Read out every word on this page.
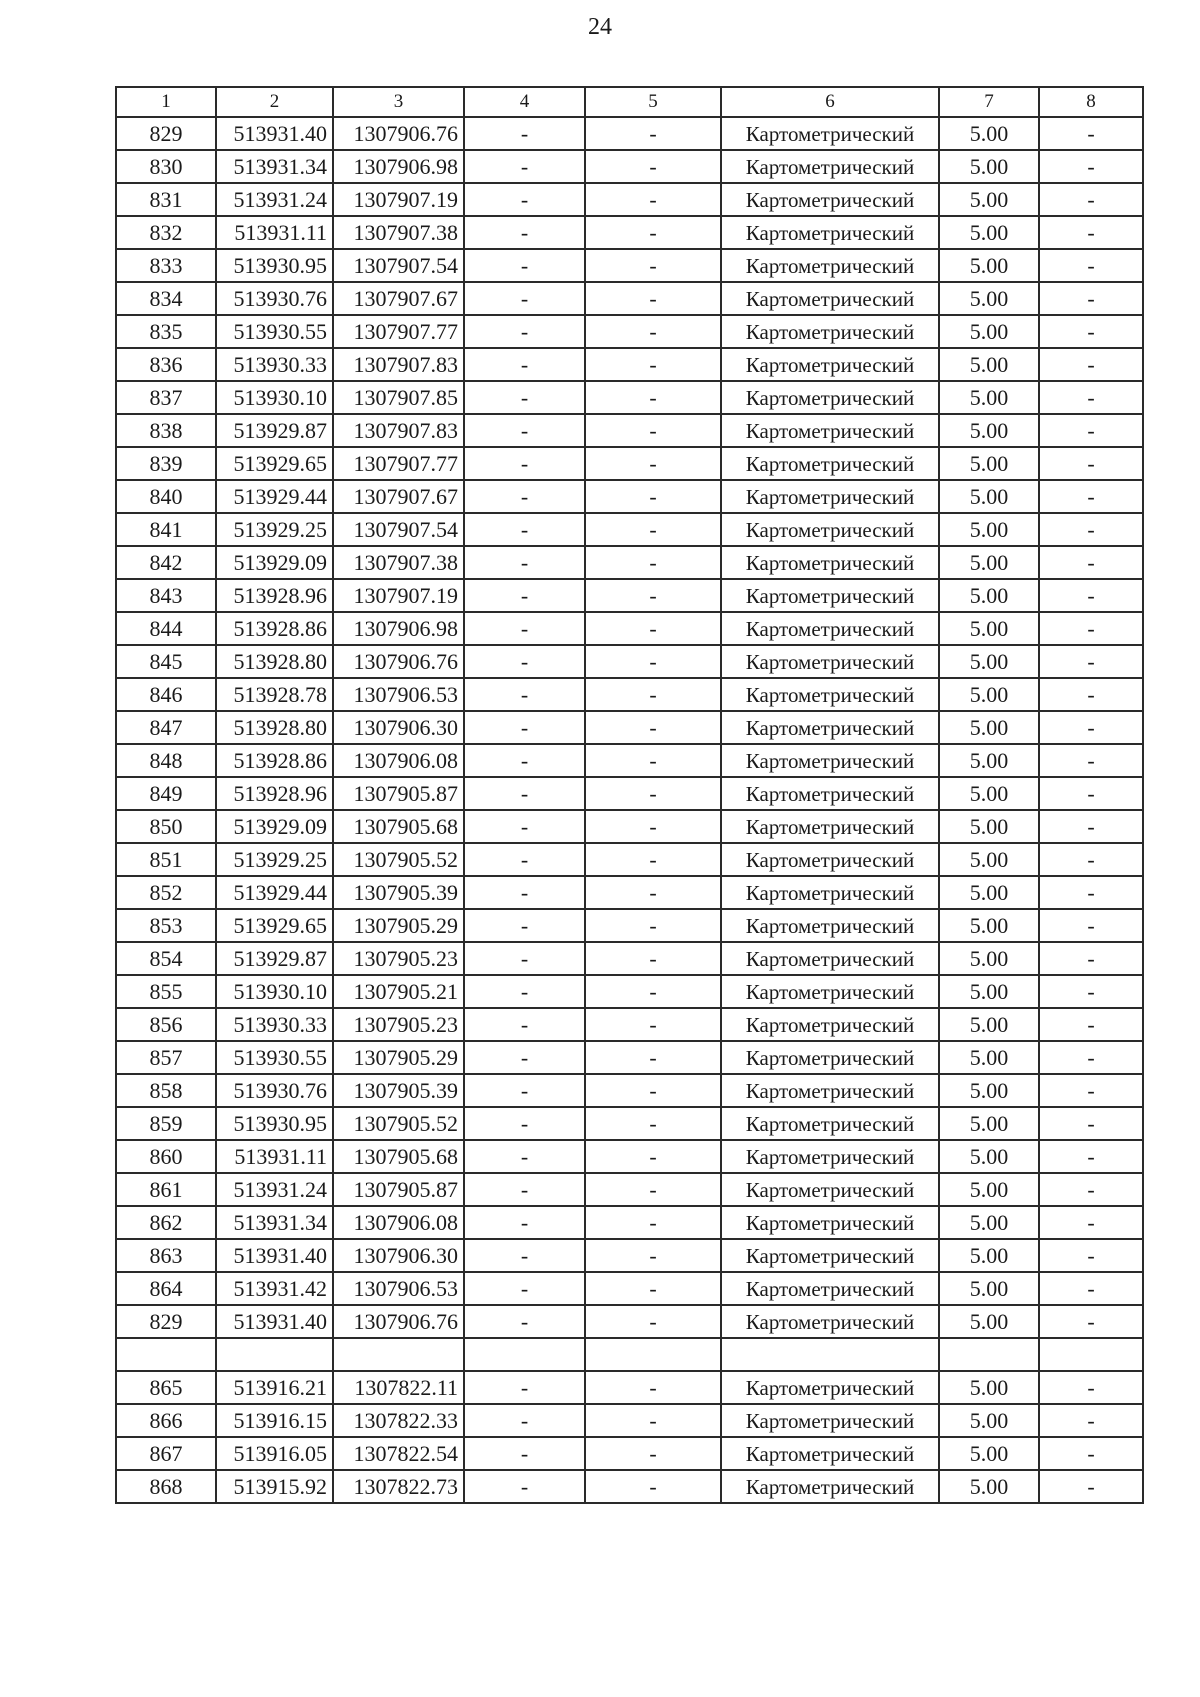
24
1	2	3	4	5	6	7	8
829	513931.40	1307906.76	-	-	Картометрический	5.00	-
830	513931.34	1307906.98	-	-	Картометрический	5.00	-
831	513931.24	1307907.19	-	-	Картометрический	5.00	-
832	513931.11	1307907.38	-	-	Картометрический	5.00	-
833	513930.95	1307907.54	-	-	Картометрический	5.00	-
834	513930.76	1307907.67	-	-	Картометрический	5.00	-
835	513930.55	1307907.77	-	-	Картометрический	5.00	-
836	513930.33	1307907.83	-	-	Картометрический	5.00	-
837	513930.10	1307907.85	-	-	Картометрический	5.00	-
838	513929.87	1307907.83	-	-	Картометрический	5.00	-
839	513929.65	1307907.77	-	-	Картометрический	5.00	-
840	513929.44	1307907.67	-	-	Картометрический	5.00	-
841	513929.25	1307907.54	-	-	Картометрический	5.00	-
842	513929.09	1307907.38	-	-	Картометрический	5.00	-
843	513928.96	1307907.19	-	-	Картометрический	5.00	-
844	513928.86	1307906.98	-	-	Картометрический	5.00	-
845	513928.80	1307906.76	-	-	Картометрический	5.00	-
846	513928.78	1307906.53	-	-	Картометрический	5.00	-
847	513928.80	1307906.30	-	-	Картометрический	5.00	-
848	513928.86	1307906.08	-	-	Картометрический	5.00	-
849	513928.96	1307905.87	-	-	Картометрический	5.00	-
850	513929.09	1307905.68	-	-	Картометрический	5.00	-
851	513929.25	1307905.52	-	-	Картометрический	5.00	-
852	513929.44	1307905.39	-	-	Картометрический	5.00	-
853	513929.65	1307905.29	-	-	Картометрический	5.00	-
854	513929.87	1307905.23	-	-	Картометрический	5.00	-
855	513930.10	1307905.21	-	-	Картометрический	5.00	-
856	513930.33	1307905.23	-	-	Картометрический	5.00	-
857	513930.55	1307905.29	-	-	Картометрический	5.00	-
858	513930.76	1307905.39	-	-	Картометрический	5.00	-
859	513930.95	1307905.52	-	-	Картометрический	5.00	-
860	513931.11	1307905.68	-	-	Картометрический	5.00	-
861	513931.24	1307905.87	-	-	Картометрический	5.00	-
862	513931.34	1307906.08	-	-	Картометрический	5.00	-
863	513931.40	1307906.30	-	-	Картометрический	5.00	-
864	513931.42	1307906.53	-	-	Картометрический	5.00	-
829	513931.40	1307906.76	-	-	Картометрический	5.00	-

865	513916.21	1307822.11	-	-	Картометрический	5.00	-
866	513916.15	1307822.33	-	-	Картометрический	5.00	-
867	513916.05	1307822.54	-	-	Картометрический	5.00	-
868	513915.92	1307822.73	-	-	Картометрический	5.00	-
